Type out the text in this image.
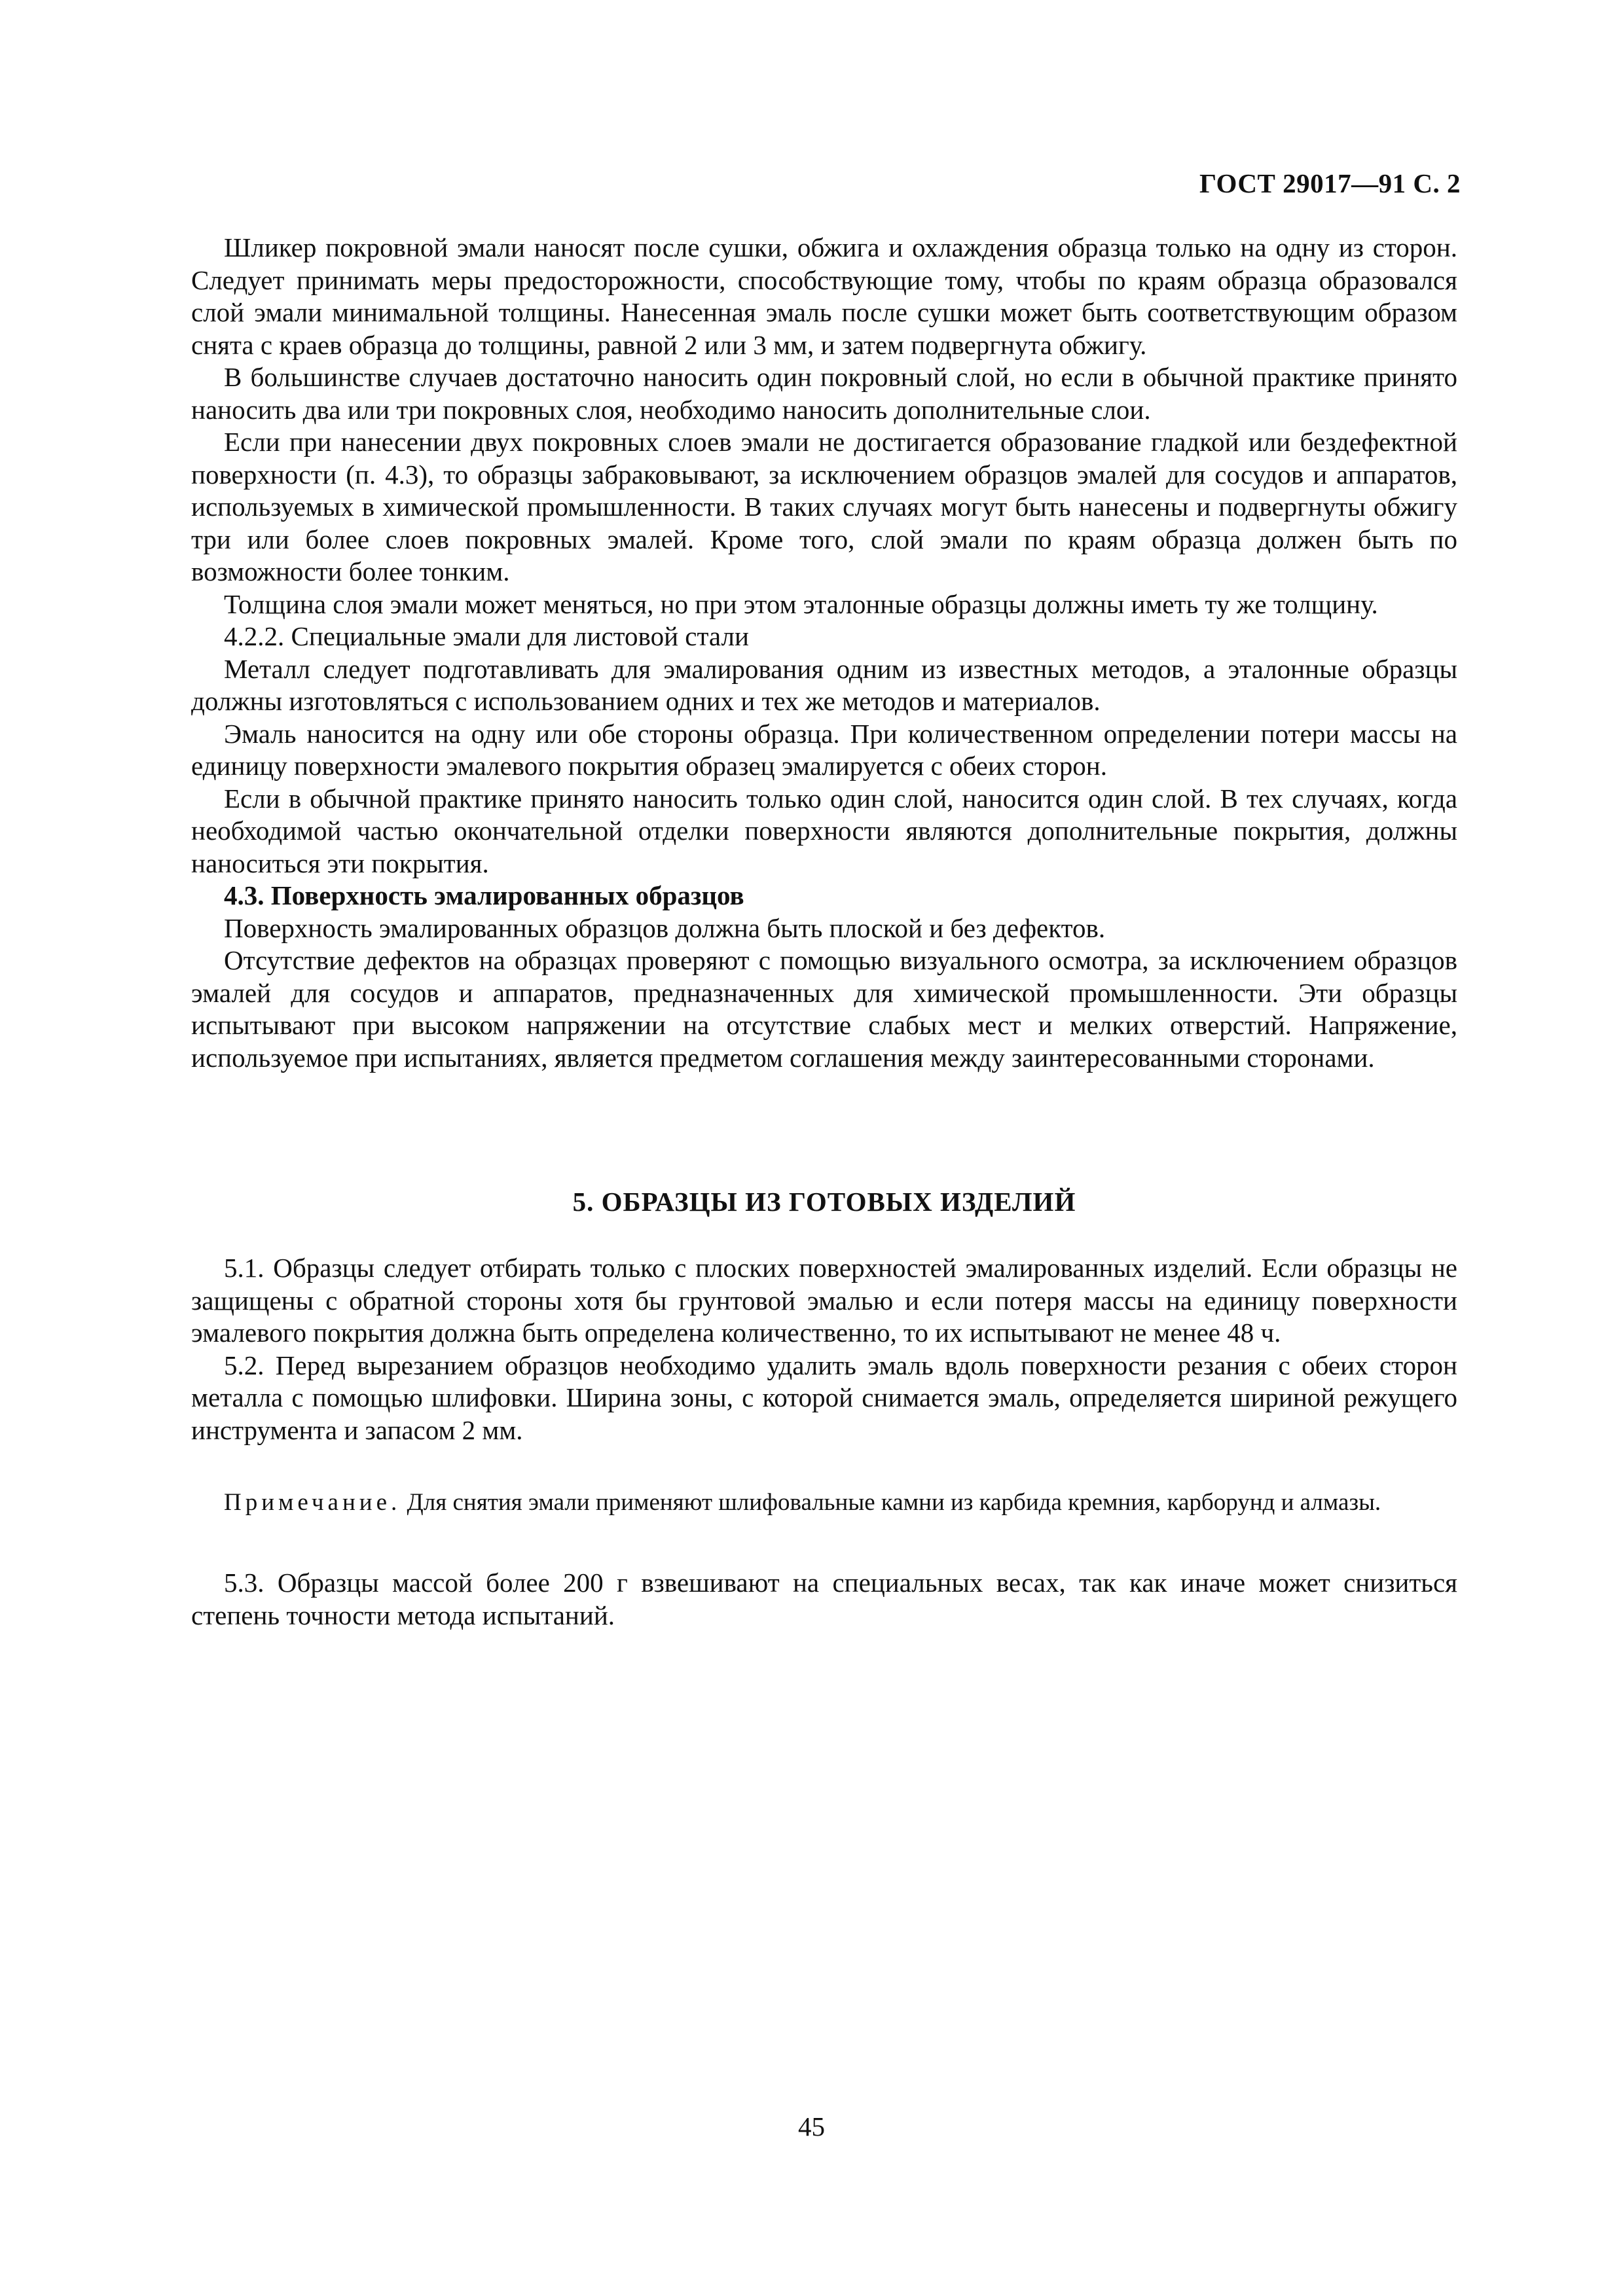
ГОСТ 29017—91 С. 2

Шликер покровной эмали наносят после сушки, обжига и охлаждения образца только на одну из сторон. Следует принимать меры предосторожности, способствующие тому, чтобы по краям образца образовался слой эмали минимальной толщины. Нанесенная эмаль после сушки может быть соответствующим образом снята с краев образца до толщины, равной 2 или 3 мм, и затем подвергнута обжигу.

В большинстве случаев достаточно наносить один покровный слой, но если в обычной практике принято наносить два или три покровных слоя, необходимо наносить дополнительные слои.

Если при нанесении двух покровных слоев эмали не достигается образование гладкой или бездефектной поверхности (п. 4.3), то образцы забраковывают, за исключением образцов эмалей для сосудов и аппаратов, используемых в химической промышленности. В таких случаях могут быть нанесены и подвергнуты обжигу три или более слоев покровных эмалей. Кроме того, слой эмали по краям образца должен быть по возможности более тонким.

Толщина слоя эмали может меняться, но при этом эталонные образцы должны иметь ту же толщину.

4.2.2. Специальные эмали для листовой стали

Металл следует подготавливать для эмалирования одним из известных методов, а эталонные образцы должны изготовляться с использованием одних и тех же методов и материалов.

Эмаль наносится на одну или обе стороны образца. При количественном определении потери массы на единицу поверхности эмалевого покрытия образец эмалируется с обеих сторон.

Если в обычной практике принято наносить только один слой, наносится один слой. В тех случаях, когда необходимой частью окончательной отделки поверхности являются дополнительные покрытия, должны наноситься эти покрытия.

4.3. Поверхность эмалированных образцов

Поверхность эмалированных образцов должна быть плоской и без дефектов.

Отсутствие дефектов на образцах проверяют с помощью визуального осмотра, за исключением образцов эмалей для сосудов и аппаратов, предназначенных для химической промышленности. Эти образцы испытывают при высоком напряжении на отсутствие слабых мест и мелких отверстий. Напряжение, используемое при испытаниях, является предметом соглашения между заинтересованными сторонами.

5. ОБРАЗЦЫ ИЗ ГОТОВЫХ ИЗДЕЛИЙ

5.1. Образцы следует отбирать только с плоских поверхностей эмалированных изделий. Если образцы не защищены с обратной стороны хотя бы грунтовой эмалью и если потеря массы на единицу поверхности эмалевого покрытия должна быть определена количественно, то их испытывают не менее 48 ч.

5.2. Перед вырезанием образцов необходимо удалить эмаль вдоль поверхности резания с обеих сторон металла с помощью шлифовки. Ширина зоны, с которой снимается эмаль, определяется шириной режущего инструмента и запасом 2 мм.

Примечание. Для снятия эмали применяют шлифовальные камни из карбида кремния, карборунд и алмазы.

5.3. Образцы массой более 200 г взвешивают на специальных весах, так как иначе может снизиться степень точности метода испытаний.

45
